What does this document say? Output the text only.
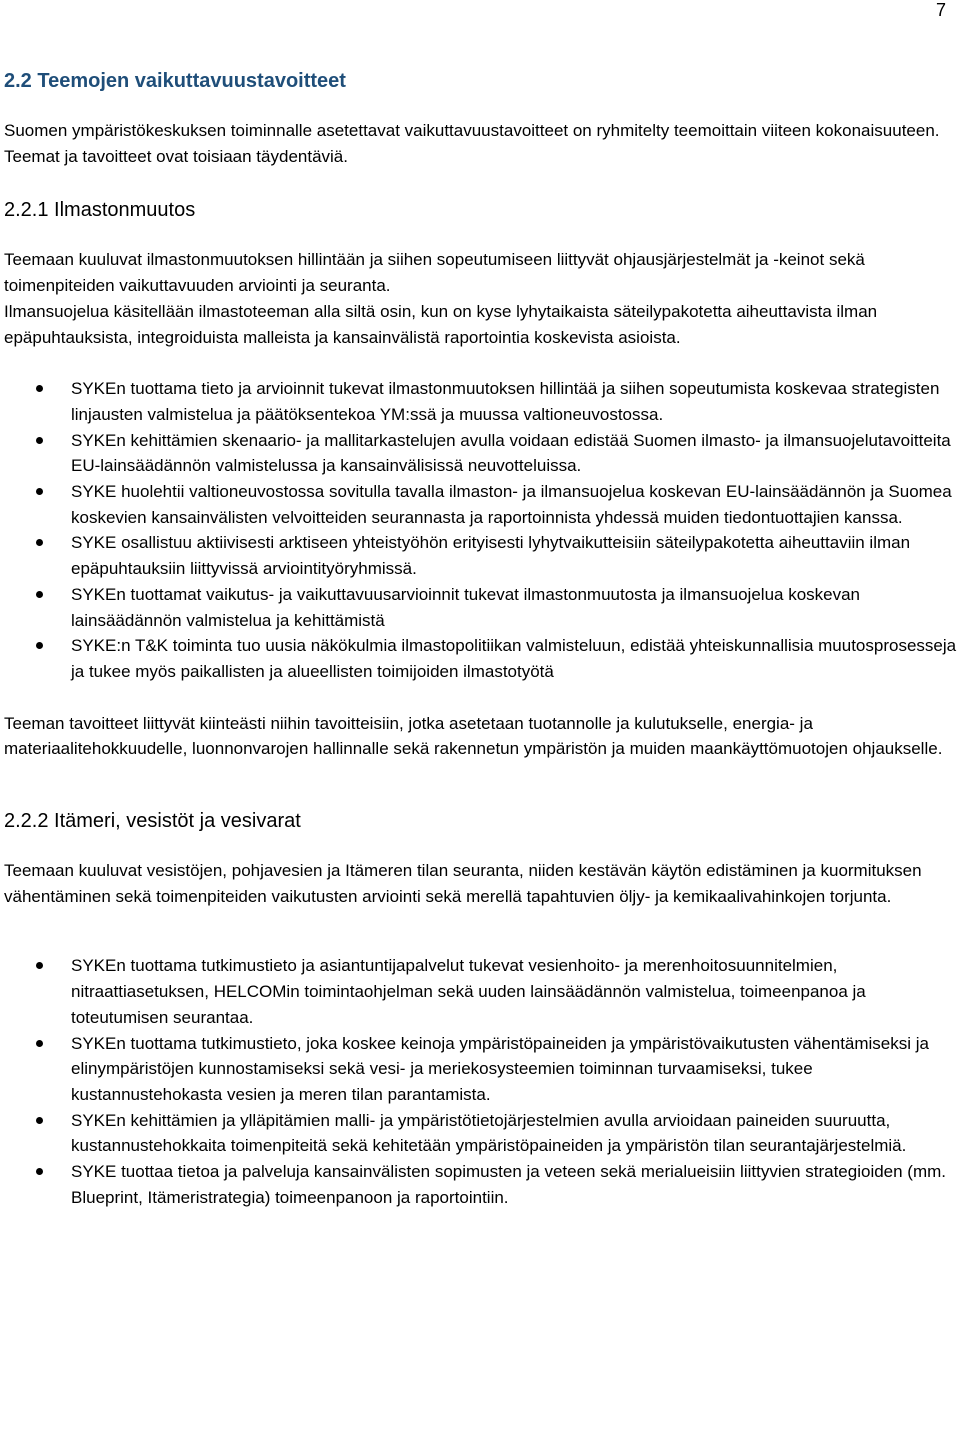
7
2.2 Teemojen vaikuttavuustavoitteet

Suomen ympäristökeskuksen toiminnalle asetettavat vaikuttavuustavoitteet on ryhmitelty teemoittain viiteen kokonaisuuteen. Teemat ja tavoitteet ovat toisiaan täydentäviä.

2.2.1 Ilmastonmuutos

Teemaan kuuluvat ilmastonmuutoksen hillintään ja siihen sopeutumiseen liittyvät ohjausjärjestelmät ja -keinot sekä toimenpiteiden vaikuttavuuden arviointi ja seuranta.

Ilmansuojelua käsitellään ilmastoteeman alla siltä osin, kun on kyse lyhytaikaista säteilypakotetta aiheuttavista ilman epäpuhtauksista, integroiduista malleista ja kansainvälistä raportointia koskevista asioista.

SYKEn tuottama tieto ja arvioinnit tukevat ilmastonmuutoksen hillintää ja siihen sopeutumista koskevaa strategisten linjausten valmistelua ja päätöksentekoa YM:ssä ja muussa valtioneuvostossa.
SYKEn kehittämien skenaario- ja mallitarkastelujen avulla voidaan edistää Suomen ilmasto- ja ilmansuojelutavoitteita EU-lainsäädännön valmistelussa ja kansainvälisissä neuvotteluissa.
SYKE huolehtii valtioneuvostossa sovitulla tavalla ilmaston- ja ilmansuojelua koskevan EU-lainsäädännön ja Suomea koskevien kansainvälisten velvoitteiden seurannasta ja raportoinnista yhdessä muiden tiedontuottajien kanssa.
SYKE osallistuu aktiivisesti arktiseen yhteistyöhön erityisesti lyhytvaikutteisiin säteilypakotetta aiheuttaviin ilman epäpuhtauksiin liittyvissä arviointityöryhmissä.
SYKEn tuottamat vaikutus- ja vaikuttavuusarvioinnit tukevat ilmastonmuutosta ja ilmansuojelua koskevan lainsäädännön valmistelua ja kehittämistä
SYKE:n T&K toiminta tuo uusia näkökulmia ilmastopolitiikan valmisteluun, edistää yhteiskunnallisia muutosprosesseja ja tukee myös paikallisten ja alueellisten toimijoiden ilmastotyötä

Teeman tavoitteet liittyvät kiinteästi niihin tavoitteisiin, jotka asetetaan tuotannolle ja kulutukselle, energia- ja materiaalitehokkuudelle, luonnonvarojen hallinnalle sekä rakennetun ympäristön ja muiden maankäyttömuotojen ohjaukselle.

2.2.2 Itämeri, vesistöt ja vesivarat

Teemaan kuuluvat vesistöjen, pohjavesien ja Itämeren tilan seuranta, niiden kestävän käytön edistäminen ja kuormituksen vähentäminen sekä toimenpiteiden vaikutusten arviointi sekä merellä tapahtuvien öljy- ja kemikaalivahinkojen torjunta.

SYKEn tuottama tutkimustieto ja asiantuntijapalvelut tukevat vesienhoito- ja merenhoitosuunnitelmien, nitraattiasetuksen, HELCOMin toimintaohjelman sekä uuden lainsäädännön valmistelua, toimeenpanoa ja toteutumisen seurantaa.
SYKEn tuottama tutkimustieto, joka koskee keinoja ympäristöpaineiden ja ympäristövaikutusten vähentämiseksi ja elinympäristöjen kunnostamiseksi sekä vesi- ja meriekosysteemien toiminnan turvaamiseksi, tukee kustannustehokasta vesien ja meren tilan parantamista.
SYKEn kehittämien ja ylläpitämien malli- ja ympäristötietojärjestelmien avulla arvioidaan paineiden suuruutta, kustannustehokkaita toimenpiteitä sekä kehitetään ympäristöpaineiden ja ympäristön tilan seurantajärjestelmiä.
SYKE tuottaa tietoa ja palveluja kansainvälisten sopimusten ja veteen sekä merialueisiin liittyvien strategioiden (mm. Blueprint, Itämeristrategia) toimeenpanoon ja raportointiin.
